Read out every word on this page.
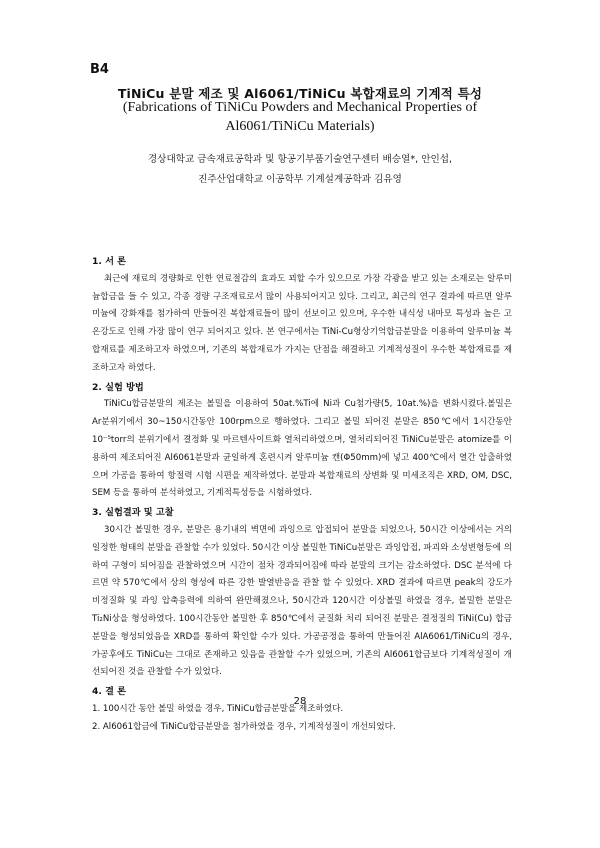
B4
TiNiCu 분말 제조 및 Al6061/TiNiCu 복합재료의 기계적 특성
(Fabrications of TiNiCu Powders and Mechanical Properties of Al6061/TiNiCu Materials)
경상대학교 금속재료공학과 및 항공기부품기술연구센터 배승열*, 안인섭,
진주산업대학교 이공학부 기계설계공학과 김유영
1. 서 론

최근에 재료의 경량화로 인한 연료절감의 효과도 꾀할 수가 있으므로 가장 각광을 받고 있는 소재로는 알루미늄합금을 들 수 있고, 각종 경량 구조재료로서 많이 사용되어지고 있다. 그리고, 최근의 연구 결과에 따르면 알루미늄에 강화재를 첨가하여 만들어진 복합재료들이 많이 선보이고 있으며, 우수한 내식성 내마모 특성과 높은 고온강도로 인해 가장 많이 연구 되어지고 있다. 본 연구에서는 TiNi-Cu형상기억합금분말을 이용하여 알루미늄 복합재료를 제조하고자 하였으며, 기존의 복합재료가 가지는 단점을 해결하고 기계적성질이 우수한 복합재료를 제조하고자 하였다.

2. 실험 방법

TiNiCu합금분말의 제조는 볼밀을 이용하여 50at.%Ti에 Ni과 Cu첨가량(5, 10at.%)을 변화시켰다.볼밀은 Ar분위기에서 30~150시간동안 100rpm으로 행하였다. 그리고 볼밀 되어진 분말은 850℃에서 1시간동안 10⁻⁵torr의 분위기에서 결정화 및 마르텐사이트화 열처리하였으며, 열처리되어진 TiNiCu분말은 atomize를 이용하여 제조되어진 Al6061분말과 균일하게 혼련시켜 알루미늄 캔(Φ50mm)에 넣고 400℃에서 열간 압출하였으며 가공을 통하여 항절력 시험 시편을 제작하였다. 분말과 복합재료의 상변화 및 미세조직은 XRD, OM, DSC, SEM 등을 통하여 분석하였고, 기계적특성등을 시험하였다.

3. 실험결과 및 고찰

30시간 볼밀한 경우, 분말은 용기내의 벽면에 과잉으로 압접되어 분말을 되었으나, 50시간 이상에서는 거의 일정한 형태의 분말을 관찰할 수가 있었다. 50시간 이상 볼밀한 TiNiCu분말은 과잉압접, 파괴와 소성변형등에 의하여 구형이 되어짐을 관찰하였으며 시간이 점차 경과되어짐에 따라 분말의 크기는 감소하였다. DSC 분석에 다르면 약 570℃에서 상의 형성에 따른 강한 발열반응을 관찰 할 수 있었다. XRD 결과에 따르면 peak의 강도가 비정질화 및 과잉 압축응력에 의하여 완만해졌으나, 50시간과 120시간 이상볼밀 하였을 경우, 볼밀한 분말은 Ti₂Ni상을 형성하였다. 100시간동안 볼밀한 후 850℃에서 균질화 처리 되어진 분말은 결정질의 TiNi(Cu) 합금분말을 형성되었음을 XRD를 통하여 확인할 수가 있다. 가공공정을 통하여 만들어진 AlA6061/TiNiCu의 경우, 가공후에도 TiNiCu는 그대로 존재하고 있음을 관찰할 수가 있었으며, 기존의 Al6061합금보다 기계적성질이 개선되어진 것을 관찰할 수가 있었다.

4. 결 론

1. 100시간 동안 볼밀 하였을 경우, TiNiCu합금분말을 제조하였다.

2. Al6061합금에 TiNiCu합금분말을 첨가하였을 경우, 기계적성질이 개선되었다.

28
